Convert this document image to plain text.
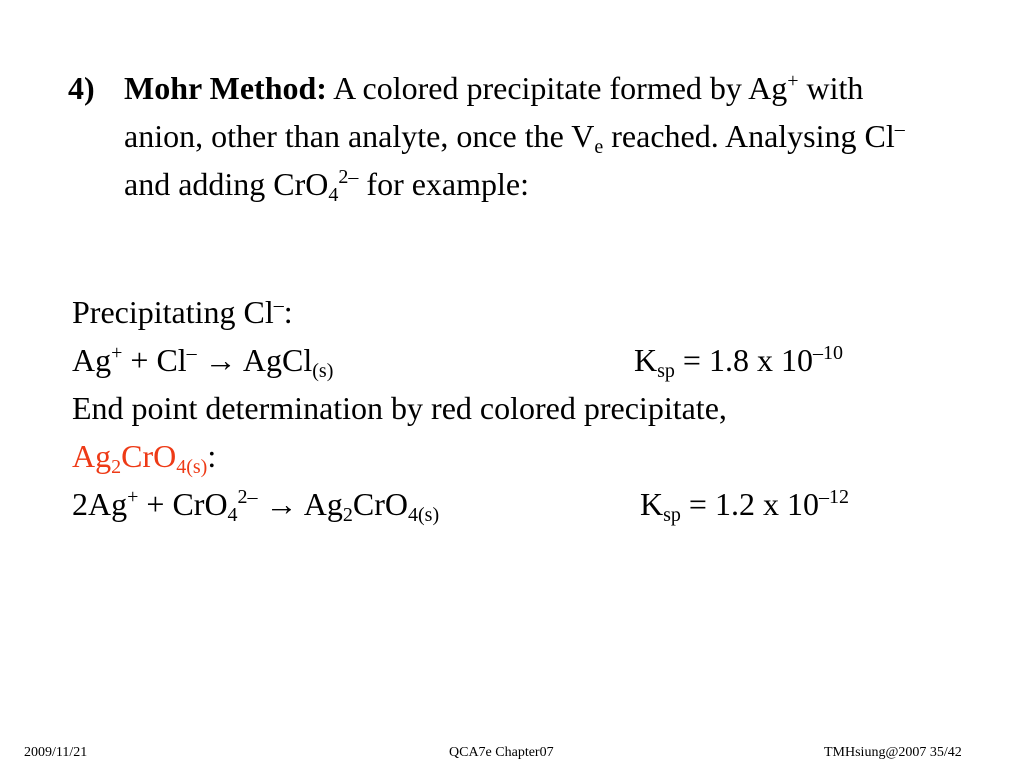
4) Mohr Method: A colored precipitate formed by Ag+ with anion, other than analyte, once the $V_e$ reached. Analysing Cl– and adding CrO$_4^{2-}$ for example:
Precipitating Cl–:
Ag+ + Cl– → AgCl$_{(s)}$	$K_{sp} = 1.8$ x $10^{-10}$
End point determination by red colored precipitate,
$Ag_2CrO_{4(s)}$:
$2Ag^+ + CrO_4^{2-} \to Ag_2CrO_{4(s)}$	$K_{sp} = 1.2$ x $10^{-12}$
2009/11/21	QCA7e Chapter07	TMHsiung@2007 35/42
